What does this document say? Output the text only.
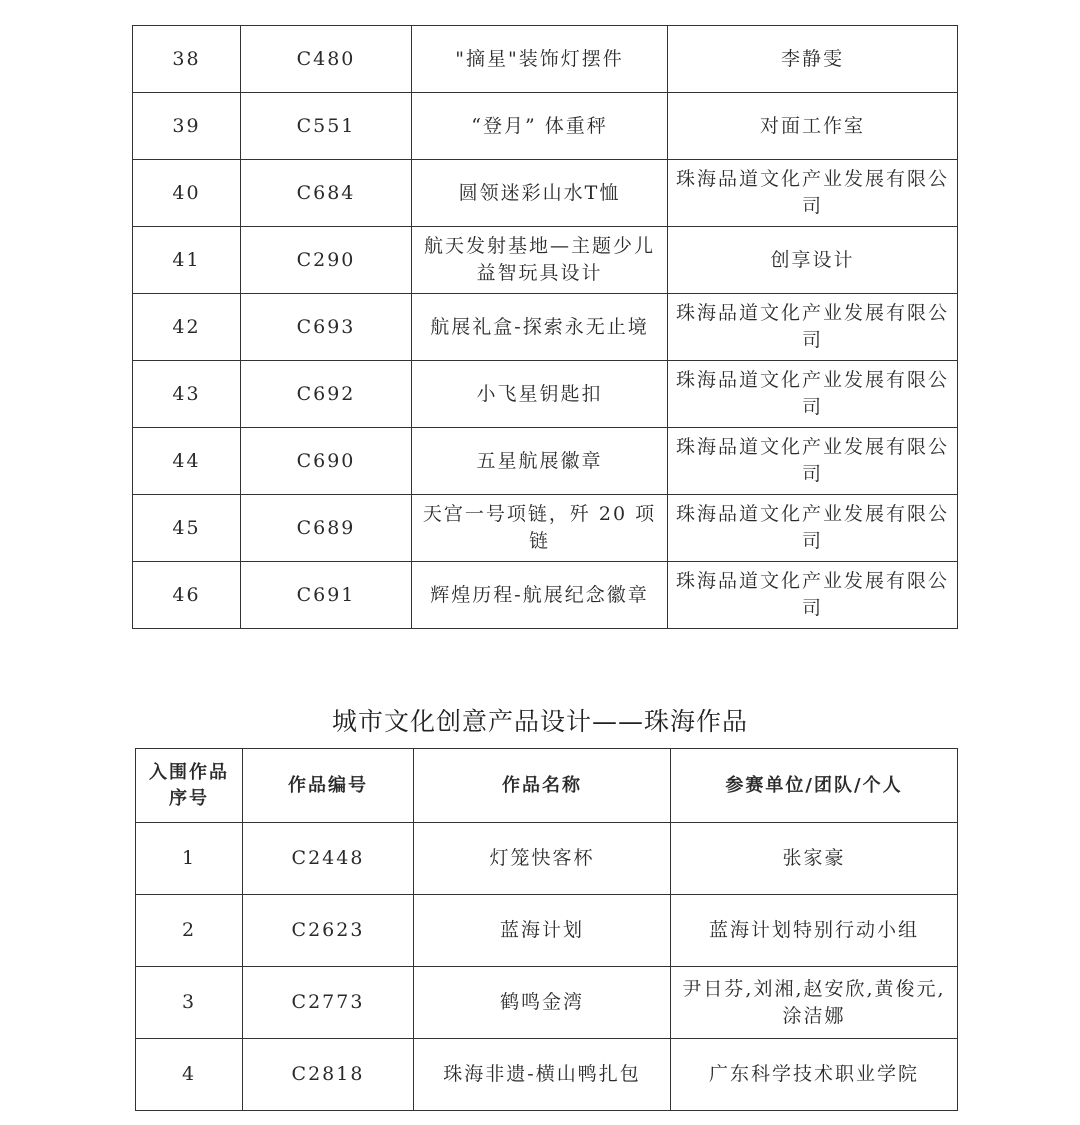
38	C480	"摘星"装饰灯摆件	李静雯
39	C551	“登月” 体重秤	对面工作室
40	C684	圆领迷彩山水T恤	珠海品道文化产业发展有限公司
41	C290	航天发射基地—主题少儿益智玩具设计	创享设计
42	C693	航展礼盒-探索永无止境	珠海品道文化产业发展有限公司
43	C692	小飞星钥匙扣	珠海品道文化产业发展有限公司
44	C690	五星航展徽章	珠海品道文化产业发展有限公司
45	C689	天宫一号项链，歼 20 项链	珠海品道文化产业发展有限公司
46	C691	辉煌历程-航展纪念徽章	珠海品道文化产业发展有限公司
城市文化创意产品设计——珠海作品
入围作品序号	作品编号	作品名称	参赛单位/团队/个人
1	C2448	灯笼快客杯	张家豪
2	C2623	蓝海计划	蓝海计划特别行动小组
3	C2773	鹤鸣金湾	尹日芬,刘湘,赵安欣,黄俊元,涂洁娜
4	C2818	珠海非遗-横山鸭扎包	广东科学技术职业学院
